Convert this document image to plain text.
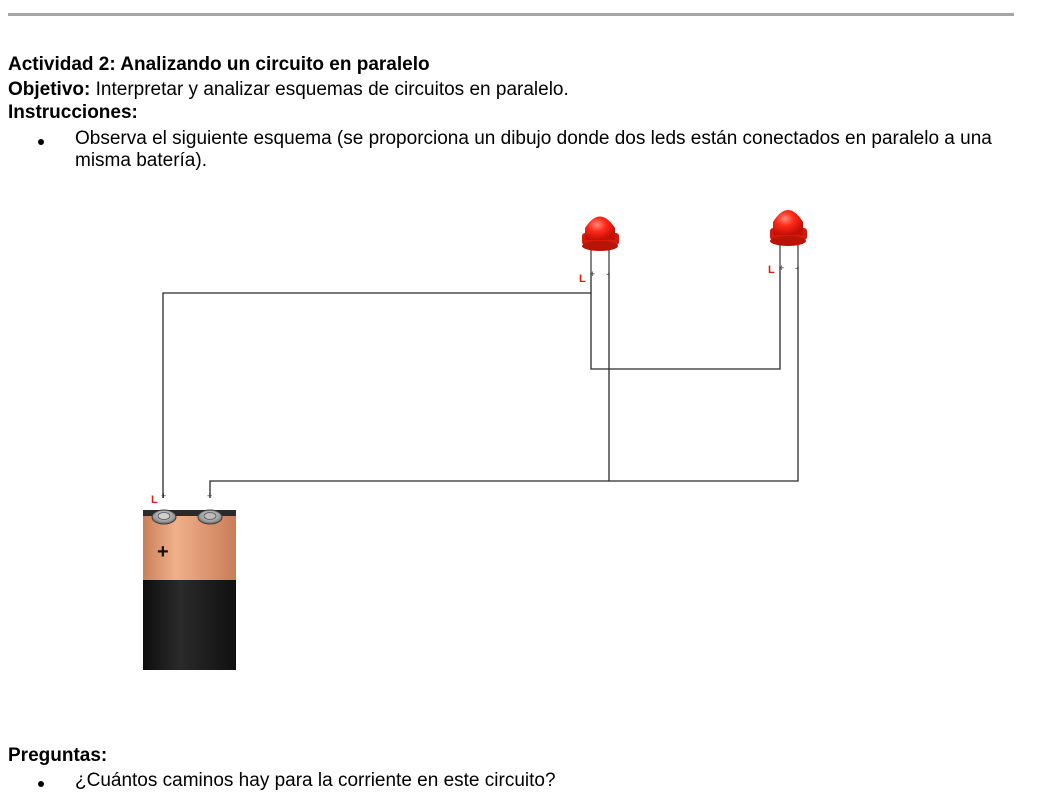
Actividad 2: Analizando un circuito en paralelo
Objetivo: Interpretar y analizar esquemas de circuitos en paralelo.
Instrucciones:
Observa el siguiente esquema (se proporciona un dibujo donde dos leds están conectados en paralelo a una misma batería).
L + -	L + -
+
L +	+
Preguntas:
¿Cuántos caminos hay para la corriente en este circuito?
